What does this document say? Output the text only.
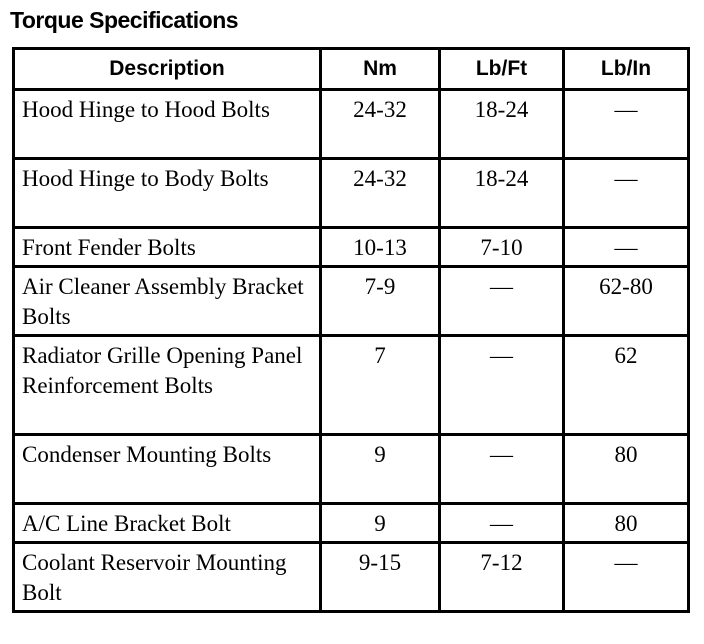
Torque Specifications
Description	Nm	Lb/Ft	Lb/In
Hood Hinge to Hood Bolts	24-32	18-24	—
Hood Hinge to Body Bolts	24-32	18-24	—
Front Fender Bolts	10-13	7-10	—
Air Cleaner Assembly Bracket Bolts	7-9	—	62-80
Radiator Grille Opening Panel Reinforcement Bolts	7	—	62
Condenser Mounting Bolts	9	—	80
A/C Line Bracket Bolt	9	—	80
Coolant Reservoir Mounting Bolt	9-15	7-12	—
